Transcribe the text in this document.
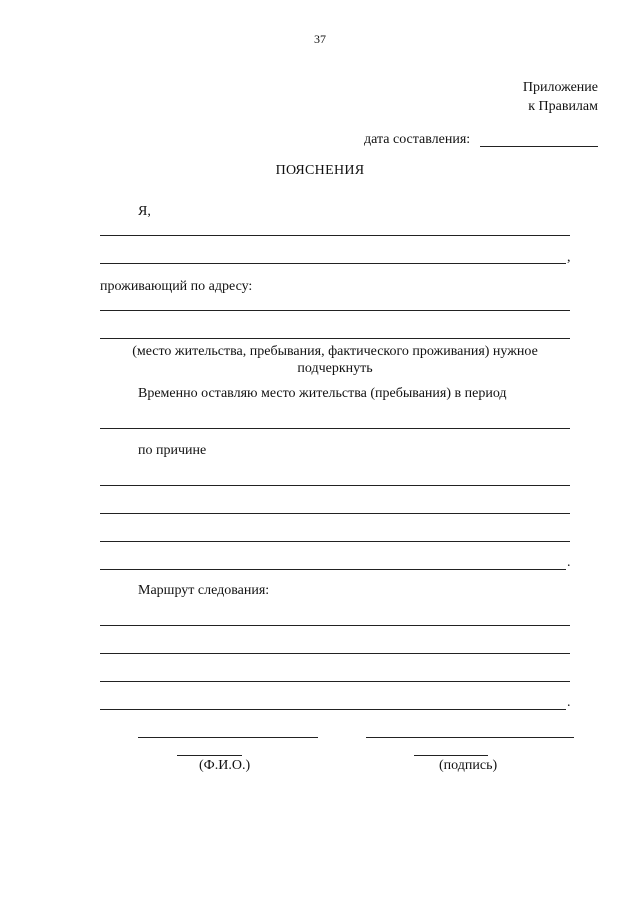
37
Приложение
к Правилам
дата составления:
ПОЯСНЕНИЯ
Я,
,
проживающий по адресу:
(место жительства, пребывания, фактического проживания) нужное
подчеркнуть
Временно оставляю место жительства (пребывания) в период
по причине
.
Маршрут следования:
.
(Ф.И.О.)	(подпись)
